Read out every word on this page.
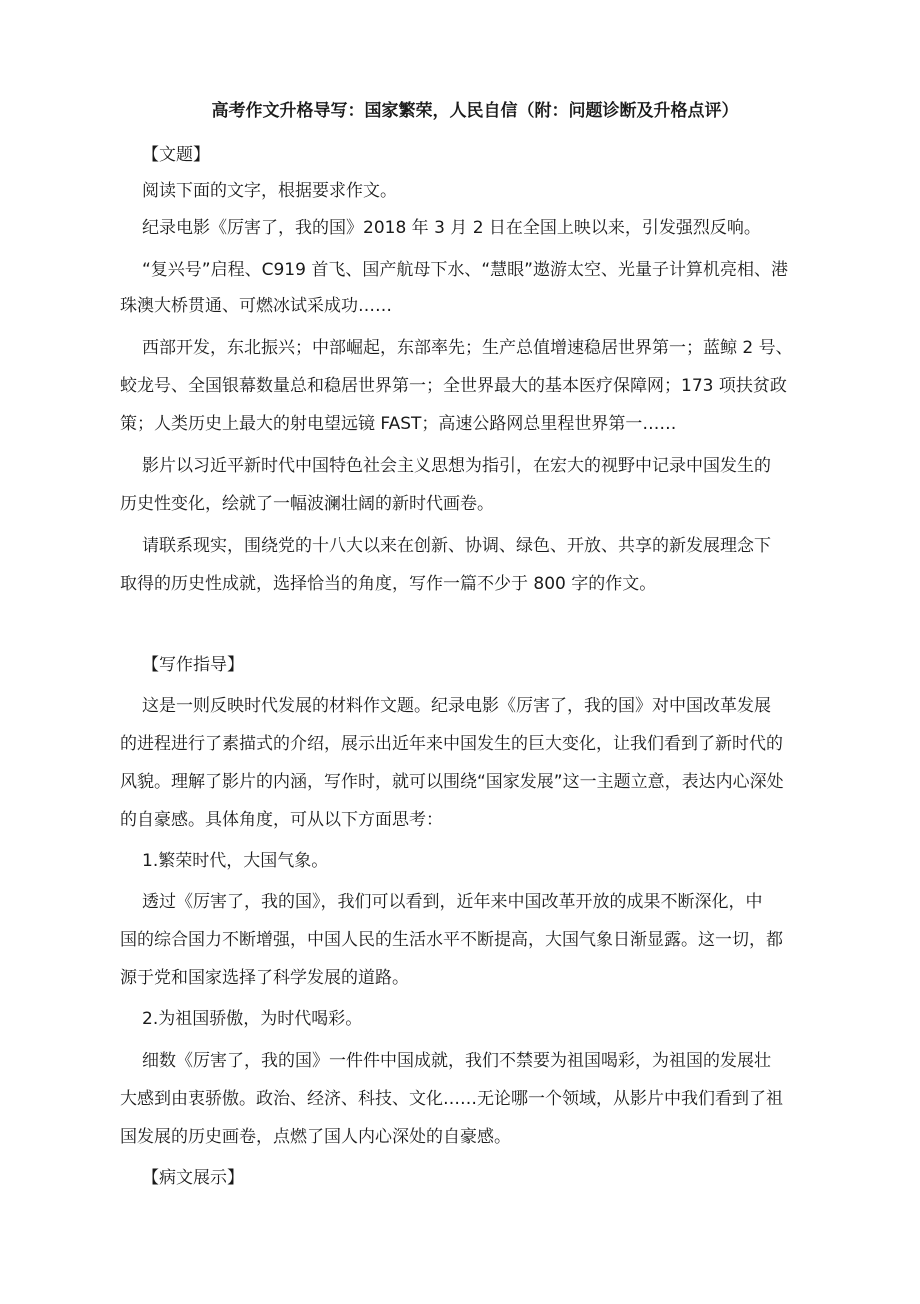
高考作文升格导写：国家繁荣，人民自信（附：问题诊断及升格点评）
【文题】
阅读下面的文字，根据要求作文。
纪录电影《厉害了，我的国》2018 年 3 月 2 日在全国上映以来，引发强烈反响。
“复兴号”启程、C919 首飞、国产航母下水、“慧眼”遨游太空、光量子计算机亮相、港
珠澳大桥贯通、可燃冰试采成功……
西部开发，东北振兴；中部崛起，东部率先；生产总值增速稳居世界第一；蓝鲸 2 号、
蛟龙号、全国银幕数量总和稳居世界第一；全世界最大的基本医疗保障网；173 项扶贫政
策；人类历史上最大的射电望远镜 FAST；高速公路网总里程世界第一……
影片以习近平新时代中国特色社会主义思想为指引，在宏大的视野中记录中国发生的
历史性变化，绘就了一幅波澜壮阔的新时代画卷。
请联系现实，围绕党的十八大以来在创新、协调、绿色、开放、共享的新发展理念下
取得的历史性成就，选择恰当的角度，写作一篇不少于 800 字的作文。
【写作指导】
这是一则反映时代发展的材料作文题。纪录电影《厉害了，我的国》对中国改革发展
的进程进行了素描式的介绍，展示出近年来中国发生的巨大变化，让我们看到了新时代的
风貌。理解了影片的内涵，写作时，就可以围绕“国家发展”这一主题立意，表达内心深处
的自豪感。具体角度，可从以下方面思考：
1.繁荣时代，大国气象。
透过《厉害了，我的国》，我们可以看到，近年来中国改革开放的成果不断深化，中
国的综合国力不断增强，中国人民的生活水平不断提高，大国气象日渐显露。这一切，都
源于党和国家选择了科学发展的道路。
2.为祖国骄傲，为时代喝彩。
细数《厉害了，我的国》一件件中国成就，我们不禁要为祖国喝彩，为祖国的发展壮
大感到由衷骄傲。政治、经济、科技、文化……无论哪一个领域，从影片中我们看到了祖
国发展的历史画卷，点燃了国人内心深处的自豪感。
【病文展示】
